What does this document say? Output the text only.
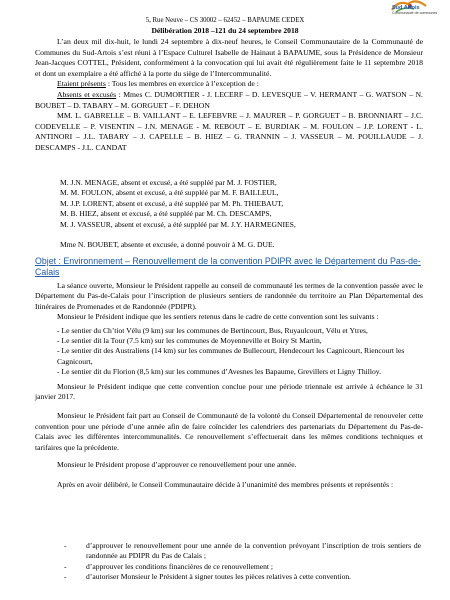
Sud Artois
Communauté de communes
5, Rue Neuve – CS 30002 – 62452 – BAPAUME CEDEX
Délibération 2018 –121 du 24 septembre 2018

L’an deux mil dix-huit, le lundi 24 septembre à dix-neuf heures, le Conseil Communautaire de la Communauté de Communes du Sud-Artois s’est réuni à l’Espace Culturel Isabelle de Hainaut à BAPAUME, sous la Présidence de Monsieur Jean-Jacques COTTEL, Président, conformément à la convocation qui lui avait été régulièrement faite le 11 septembre 2018 et dont un exemplaire a été affiché à la porte du siège de l’Intercommunalité.

Etaient présents : Tous les membres en exercice à l’exception de :

Absents et excusés : Mmes C. DUMORTIER - J. LECERF – D. LEVESQUE – V. HERMANT – G. WATSON – N. BOUBET – D. TABARY – M. GORGUET – F. DEHON

MM. L. GABRELLE – B. VAILLANT – E. LEFEBVRE – J. MAURER – P. GORGUET – B. BRONNIART – J.C. CODEVELLE – P. VISENTIN – J.N. MENAGE - M. REBOUT – E. BURDIAK – M. FOULON – J.P. LORENT - L. ANTINORI – J.L. TABARY – J. CAPELLE – B. HIEZ – G. TRANNIN – J. VASSEUR – M. POUILLAUDE – J. DESCAMPS - J.L. CANDAT

M. J.N. MENAGE, absent et excusé, a été suppléé par M. J. FOSTIER,
M. M. FOULON, absent et excusé, a été suppléé par M. F. BAILLEUL,
M. J.P. LORENT, absent et excusé, a été suppléé par M. Ph. THIEBAUT,
M. B. HIEZ, absent et excusé, a été suppléé par M. Ch. DESCAMPS,
M. J. VASSEUR, absent et excusé, a été suppléé par M. J.Y. HARMEGNIES,
Mme N. BOUBET, absente et excusée, a donné pouvoir à M. G. DUE.
Objet : Environnement – Renouvellement de la convention PDIPR avec le Département du Pas-de-Calais
La séance ouverte, Monsieur le Président rappelle au conseil de communauté les termes de la convention passée avec le Département du Pas-de-Calais pour l’inscription de plusieurs sentiers de randonnée du territoire au Plan Départemental des Itinéraires de Promenades et de Randonnée (PDIPR).
Monsieur le Président indique que les sentiers retenus dans le cadre de cette convention sont les suivants :
- Le sentier du Ch’tiot Vélu (9 km) sur les communes de Bertincourt, Bus, Ruyaulcourt, Vélu et Ytres,
- Le sentier dit la Tour (7.5 km) sur les communes de Moyenneville et Boiry St Martin,
- Le sentier dit des Australiens (14 km) sur les communes de Bullecourt, Hendecourt les Cagnicourt, Riencourt les Cagnicourt,
- Le sentier dit du Florion (8,5 km) sur les communes d’Avesnes les Bapaume, Grevillers et Ligny Thilloy.
Monsieur le Président indique que cette convention conclue pour une période triennale est arrivée à échéance le 31 janvier 2017.
Monsieur le Président fait part au Conseil de Communauté de la volonté du Conseil Départemental de renouveler cette convention pour une période d’une année afin de faire coïncider les calendriers des partenariats du Département du Pas-de-Calais avec les différentes intercommunalités. Ce renouvellement s’effectuerait dans les mêmes conditions techniques et tarifaires que la précédente.
Monsieur le Président propose d’approuver ce renouvellement pour une année.
Après en avoir délibéré, le Conseil Communautaire décide à l’unanimité des membres présents et représentés :
-	d’approuver le renouvellement pour une année de la convention prévoyant l’inscription de trois sentiers de randonnée au PDIPR du Pas de Calais ;
-	d’approuver les conditions financières de ce renouvellement ;
-	d’autoriser Monsieur le Président à signer toutes les pièces relatives à cette convention.
